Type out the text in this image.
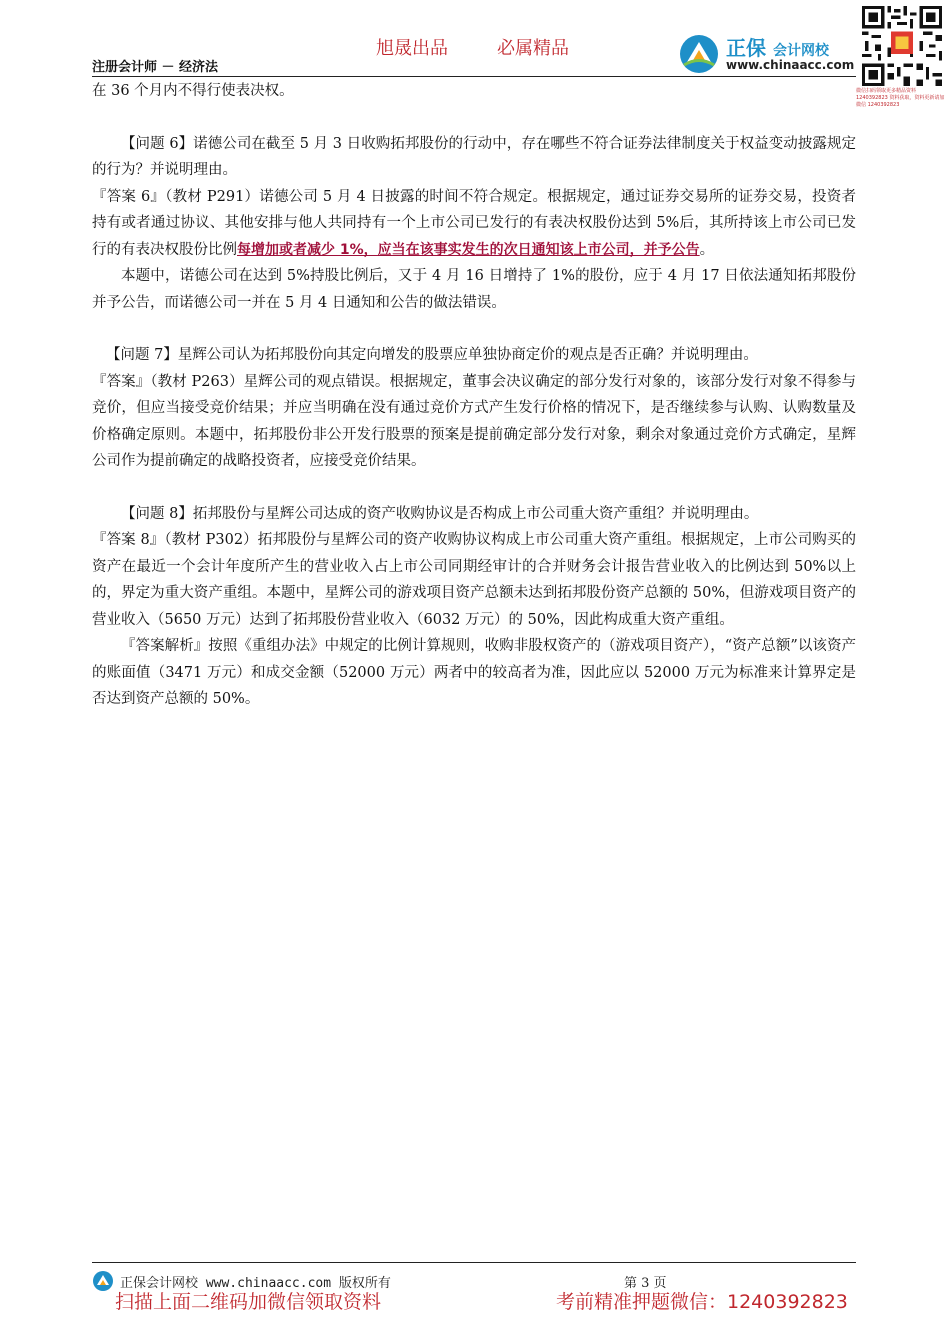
旭晟出品	必属精品
注册会计师 － 经济法
正保 会计网校
www.chinaacc.com
微信扫码领取更多精品资料 1240392823 资料获取，资料更新请加微信 1240392823

在 36 个月内不得行使表决权。

【问题 6】诺德公司在截至 5 月 3 日收购拓邦股份的行动中，存在哪些不符合证券法律制度关于权益变动披露规定的行为？并说明理由。

『答案 6』（教材 P291）诺德公司 5 月 4 日披露的时间不符合规定。根据规定，通过证券交易所的证券交易，投资者持有或者通过协议、其他安排与他人共同持有一个上市公司已发行的有表决权股份达到 5%后，其所持该上市公司已发行的有表决权股份比例每增加或者减少 1%，应当在该事实发生的次日通知该上市公司，并予公告。

本题中，诺德公司在达到 5%持股比例后，又于 4 月 16 日增持了 1%的股份，应于 4 月 17 日依法通知拓邦股份并予公告，而诺德公司一并在 5 月 4 日通知和公告的做法错误。

【问题 7】星辉公司认为拓邦股份向其定向增发的股票应单独协商定价的观点是否正确？并说明理由。

『答案』（教材 P263）星辉公司的观点错误。根据规定，董事会决议确定的部分发行对象的，该部分发行对象不得参与竞价，但应当接受竞价结果；并应当明确在没有通过竞价方式产生发行价格的情况下，是否继续参与认购、认购数量及价格确定原则。本题中，拓邦股份非公开发行股票的预案是提前确定部分发行对象，剩余对象通过竞价方式确定，星辉公司作为提前确定的战略投资者，应接受竞价结果。

【问题 8】拓邦股份与星辉公司达成的资产收购协议是否构成上市公司重大资产重组？并说明理由。

『答案 8』（教材 P302）拓邦股份与星辉公司的资产收购协议构成上市公司重大资产重组。根据规定，上市公司购买的资产在最近一个会计年度所产生的营业收入占上市公司同期经审计的合并财务会计报告营业收入的比例达到 50%以上的，界定为重大资产重组。本题中，星辉公司的游戏项目资产总额未达到拓邦股份资产总额的 50%，但游戏项目资产的营业收入（5650 万元）达到了拓邦股份营业收入（6032 万元）的 50%，因此构成重大资产重组。

『答案解析』按照《重组办法》中规定的比例计算规则，收购非股权资产的（游戏项目资产），“资产总额”以该资产的账面值（3471 万元）和成交金额（52000 万元）两者中的较高者为准，因此应以 52000 万元为标准来计算界定是否达到资产总额的 50%。

正保会计网校 www.chinaacc.com 版权所有	第 3 页
扫描上面二维码加微信领取资料	考前精准押题微信：1240392823
